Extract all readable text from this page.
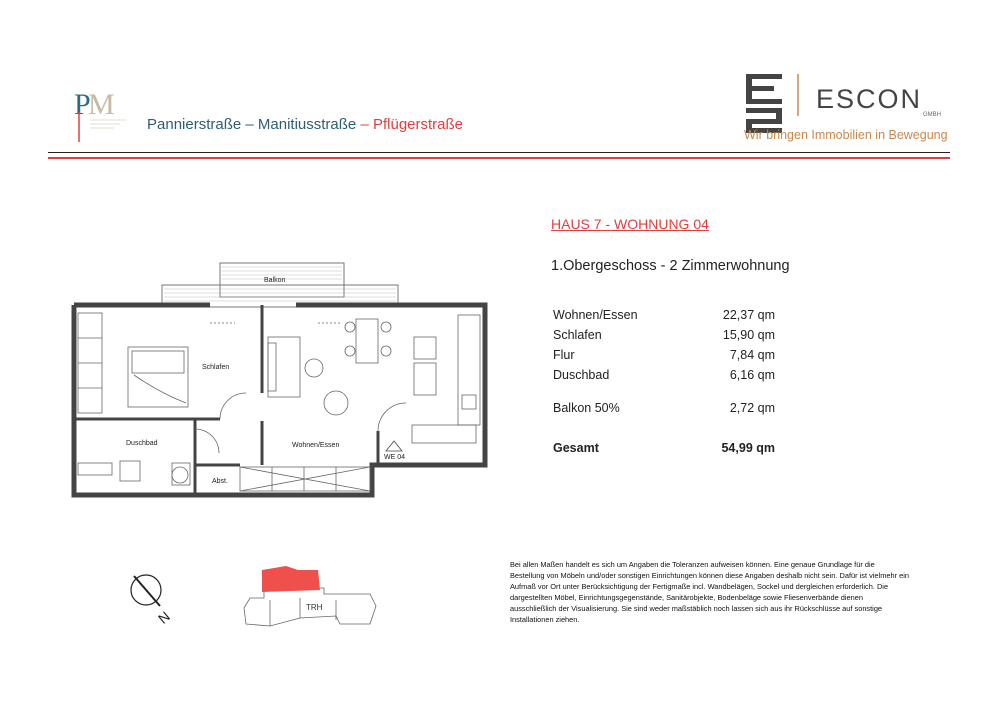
P
M
Pannierstraße – Manitiusstraße – Pflügerstraße
ESCON
GMBH
Wir bringen Immobilien in Bewegung
HAUS 7 - WOHNUNG 04
1.Obergeschoss - 2 Zimmerwohnung
Wohnen/Essen	22,37 qm
Schlafen	15,90 qm
Flur	7,84 qm
Duschbad	6,16 qm
Balkon 50%	2,72 qm
Gesamt	54,99 qm
Bei allen Maßen handelt es sich um Angaben die Toleranzen aufweisen können. Eine genaue Grundlage für die Bestellung von Möbeln und/oder sonstigen Einrichtungen können diese Angaben deshalb nicht sein. Dafür ist vielmehr ein Aufmaß vor Ort unter Berücksichtigung der Fertigmaße incl. Wandbelägen, Sockel und dergleichen erforderlich. Die dargestellten Möbel, Einrichtungsgegenstände, Sanitärobjekte, Bodenbeläge sowie Fliesenverbände dienen ausschließlich der Visualisierung. Sie sind weder maßstäblich noch lassen sich aus ihr Rückschlüsse auf sonstige Installationen ziehen.
Balkon
Schlafen
Duschbad	Wohnen/Essen
Abst.
WE 04
N
TRH
